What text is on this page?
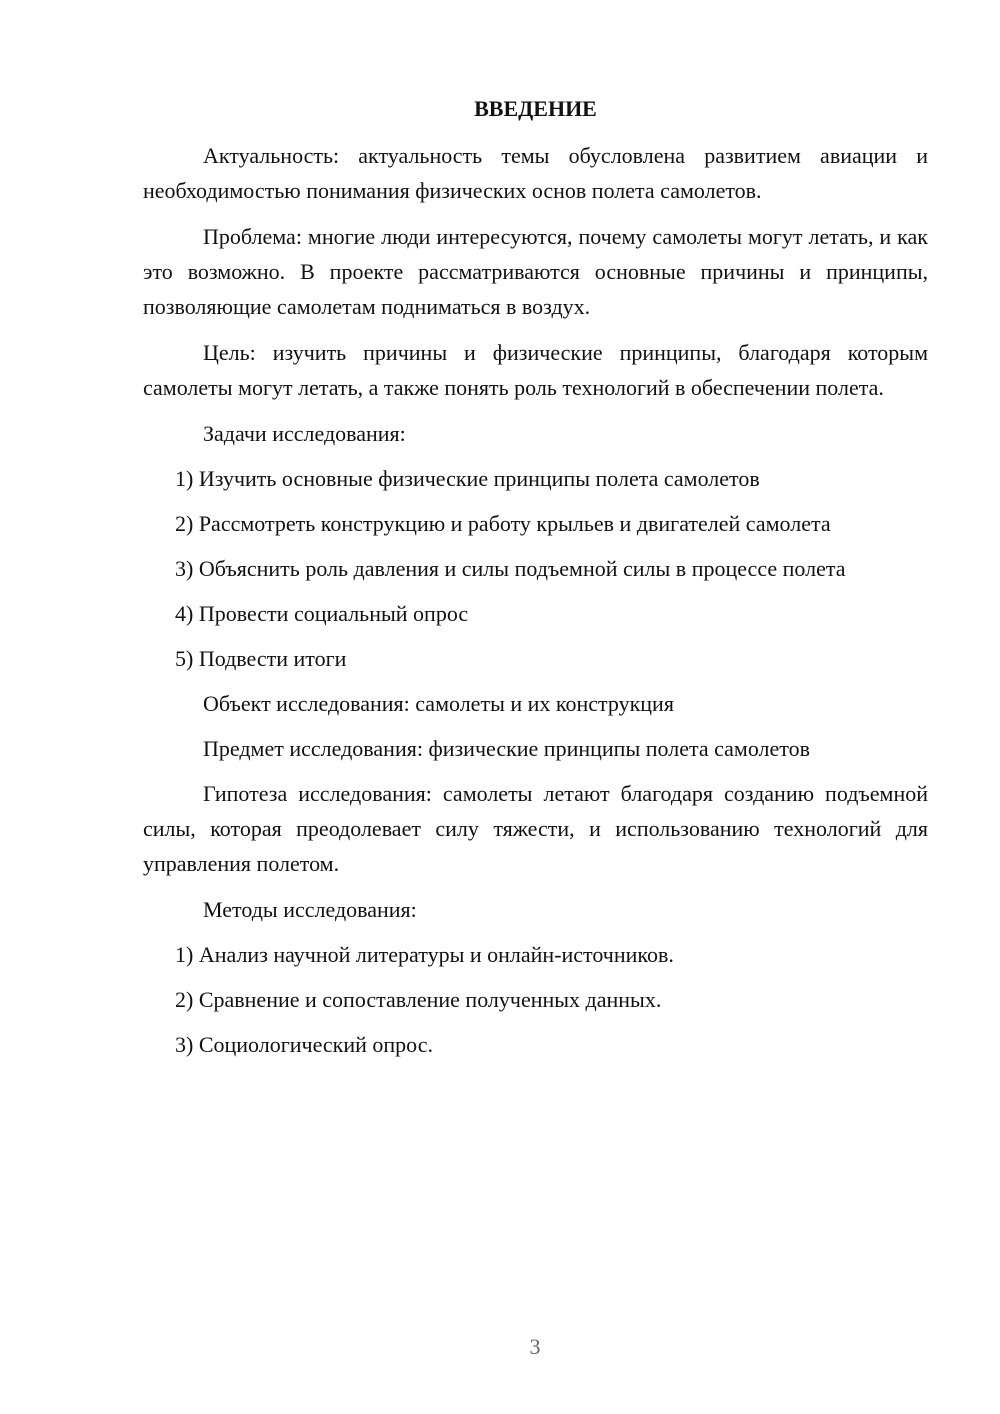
ВВЕДЕНИЕ

Актуальность: актуальность темы обусловлена развитием авиации и необходимостью понимания физических основ полета самолетов.

Проблема: многие люди интересуются, почему самолеты могут летать, и как это возможно. В проекте рассматриваются основные причины и принципы, позволяющие самолетам подниматься в воздух.

Цель: изучить причины и физические принципы, благодаря которым самолеты могут летать, а также понять роль технологий в обеспечении полета.

Задачи исследования:
1) Изучить основные физические принципы полета самолетов
2) Рассмотреть конструкцию и работу крыльев и двигателей самолета
3) Объяснить роль давления и силы подъемной силы в процессе полета
4) Провести социальный опрос
5) Подвести итоги
Объект исследования: самолеты и их конструкция
Предмет исследования: физические принципы полета самолетов

Гипотеза исследования: самолеты летают благодаря созданию подъемной силы, которая преодолевает силу тяжести, и использованию технологий для управления полетом.

Методы исследования:
1) Анализ научной литературы и онлайн-источников.
2) Сравнение и сопоставление полученных данных.
3) Социологический опрос.
3
